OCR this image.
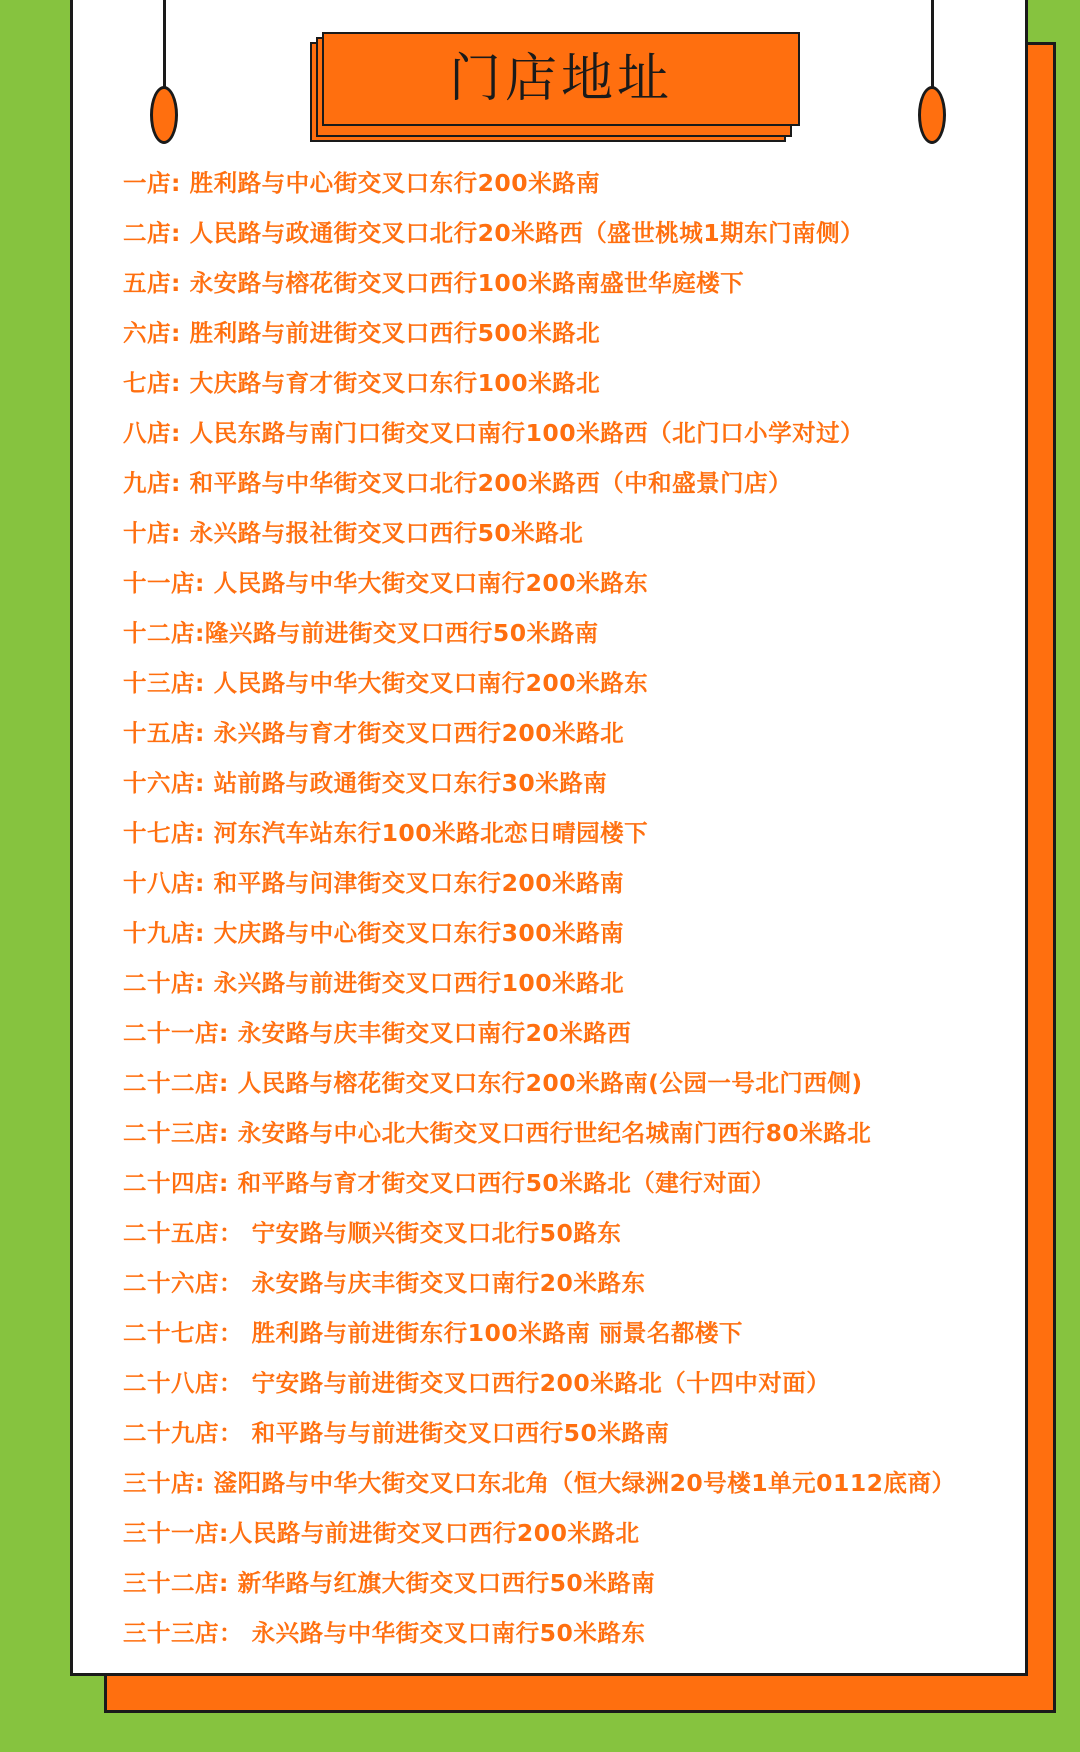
门店地址
一店: 胜利路与中心街交叉口东行200米路南
二店: 人民路与政通街交叉口北行20米路西（盛世桃城1期东门南侧）
五店: 永安路与榕花街交叉口西行100米路南盛世华庭楼下
六店: 胜利路与前进街交叉口西行500米路北
七店: 大庆路与育才街交叉口东行100米路北
八店: 人民东路与南门口街交叉口南行100米路西（北门口小学对过）
九店: 和平路与中华街交叉口北行200米路西（中和盛景门店）
十店: 永兴路与报社街交叉口西行50米路北
十一店: 人民路与中华大街交叉口南行200米路东
十二店:隆兴路与前进街交叉口西行50米路南
十三店: 人民路与中华大街交叉口南行200米路东
十五店: 永兴路与育才街交叉口西行200米路北
十六店: 站前路与政通街交叉口东行30米路南
十七店: 河东汽车站东行100米路北恋日晴园楼下
十八店: 和平路与问津街交叉口东行200米路南
十九店: 大庆路与中心街交叉口东行300米路南
二十店: 永兴路与前进街交叉口西行100米路北
二十一店: 永安路与庆丰街交叉口南行20米路西
二十二店: 人民路与榕花街交叉口东行200米路南(公园一号北门西侧)
二十三店: 永安路与中心北大街交叉口西行世纪名城南门西行80米路北
二十四店: 和平路与育才街交叉口西行50米路北（建行对面）
二十五店： 宁安路与顺兴街交叉口北行50路东
二十六店： 永安路与庆丰街交叉口南行20米路东
二十七店： 胜利路与前进街东行100米路南 丽景名都楼下
二十八店： 宁安路与前进街交叉口西行200米路北（十四中对面）
二十九店： 和平路与与前进街交叉口西行50米路南
三十店: 滏阳路与中华大街交叉口东北角（恒大绿洲20号楼1单元0112底商）
三十一店:人民路与前进街交叉口西行200米路北
三十二店: 新华路与红旗大街交叉口西行50米路南
三十三店： 永兴路与中华街交叉口南行50米路东
